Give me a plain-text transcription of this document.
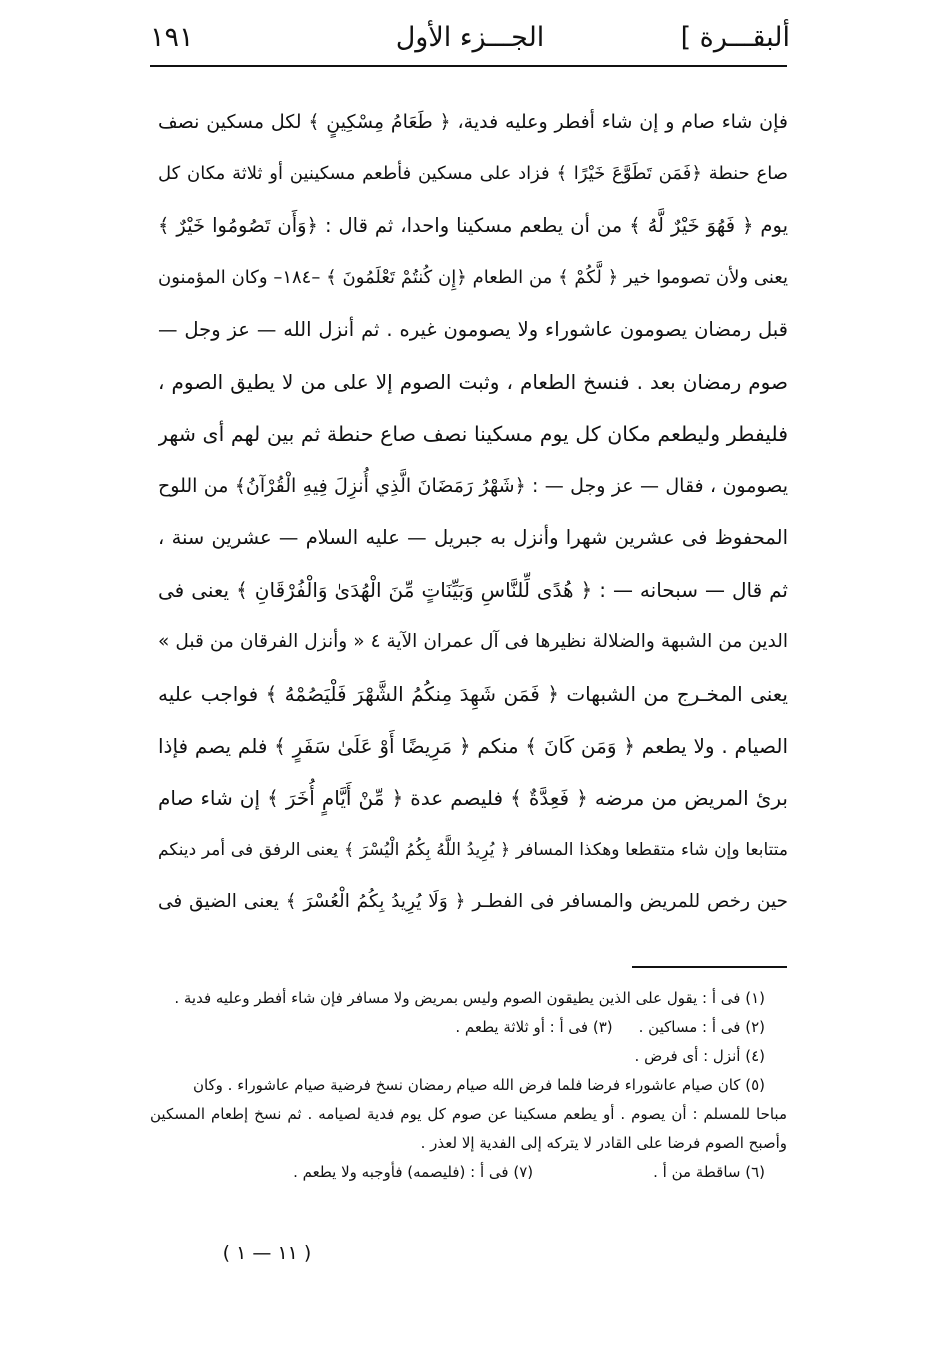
ألبقـــرة ]
الجـــزء الأول
١٩١
فإن شاء صام و إن شاء أفطر وعليه فدية، ﴿ طَعَامُ مِسْكِينٍ ﴾ لكل مسكين نصف
صاع حنطة ﴿فَمَن تَطَوَّعَ خَيْرًا ﴾ فزاد على مسكين فأطعم مسكينين أو ثلاثة مكان كل
يوم ﴿ فَهُوَ خَيْرٌ لَّهُ ﴾ من أن يطعم مسكينا واحدا، ثم قال : ﴿وَأَن تَصُومُوا خَيْرٌ ﴾
يعنى ولأن تصوموا خير ﴿ لَّكُمْ ﴾ من الطعام ﴿إِن كُنتُمْ تَعْلَمُونَ ﴾ –١٨٤– وكان المؤمنون
قبل رمضان يصومون عاشوراء ولا يصومون غيره . ثم أنزل الله — عز وجل —
صوم رمضان بعد . فنسخ الطعام ، وثبت الصوم إلا على من لا يطيق الصوم ،
فليفطر وليطعم مكان كل يوم مسكينا نصف صاع حنطة ثم بين لهم أى شهر
يصومون ، فقال — عز وجل — : ﴿شَهْرُ رَمَضَانَ الَّذِي أُنزِلَ فِيهِ الْقُرْآنُ﴾ من اللوح
المحفوظ فى عشرين شهرا وأنزل به جبريل — عليه السلام — عشرين سنة ،
ثم قال — سبحانه — : ﴿ هُدًى لِّلنَّاسِ وَبَيِّنَاتٍ مِّنَ الْهُدَىٰ وَالْفُرْقَانِ ﴾ يعنى فى
الدين من الشبهة والضلالة نظيرها فى آل عمران الآية ٤ « وأنزل الفرقان من قبل »
يعنى المخـرج من الشبهات ﴿ فَمَن شَهِدَ مِنكُمُ الشَّهْرَ فَلْيَصُمْهُ ﴾ فواجب عليه
الصيام . ولا يطعم ﴿ وَمَن كَانَ ﴾ منكم ﴿ مَرِيضًا أَوْ عَلَىٰ سَفَرٍ ﴾ فلم يصم فإذا
برئ المريض من مرضه ﴿ فَعِدَّةٌ ﴾ فليصم عدة ﴿ مِّنْ أَيَّامٍ أُخَرَ ﴾ إن شاء صام
متتابعا وإن شاء متقطعا وهكذا المسافر ﴿ يُرِيدُ اللَّهُ بِكُمُ الْيُسْرَ ﴾ يعنى الرفق فى أمر دينكم
حين رخص للمريض والمسافر فى الفطـر ﴿ وَلَا يُرِيدُ بِكُمُ الْعُسْرَ ﴾ يعنى الضيق فى
(١) فى أ : يقول على الذين يطيقون الصوم وليس بمريض ولا مسافر فإن شاء أفطر وعليه فدية .
(٢) فى أ : مساكين .
(٣) فى أ : أو ثلاثة يطعم .
(٤) أنزل : أى فرض .
(٥) كان صيام عاشوراء فرضا فلما فرض الله صيام رمضان نسخ فرضية صيام عاشوراء . وكان
مباحا للمسلم : أن يصوم . أو يطعم مسكينا عن صوم كل يوم فدية لصيامه . ثم نسخ إطعام المسكين
وأصبح الصوم فرضا على القادر لا يتركه إلى الفدية إلا لعذر .
(٦) ساقطة من أ .
(٧) فى أ : (فليصمه) فأوجبه ولا يطعم .
( ١١ — ١ )
